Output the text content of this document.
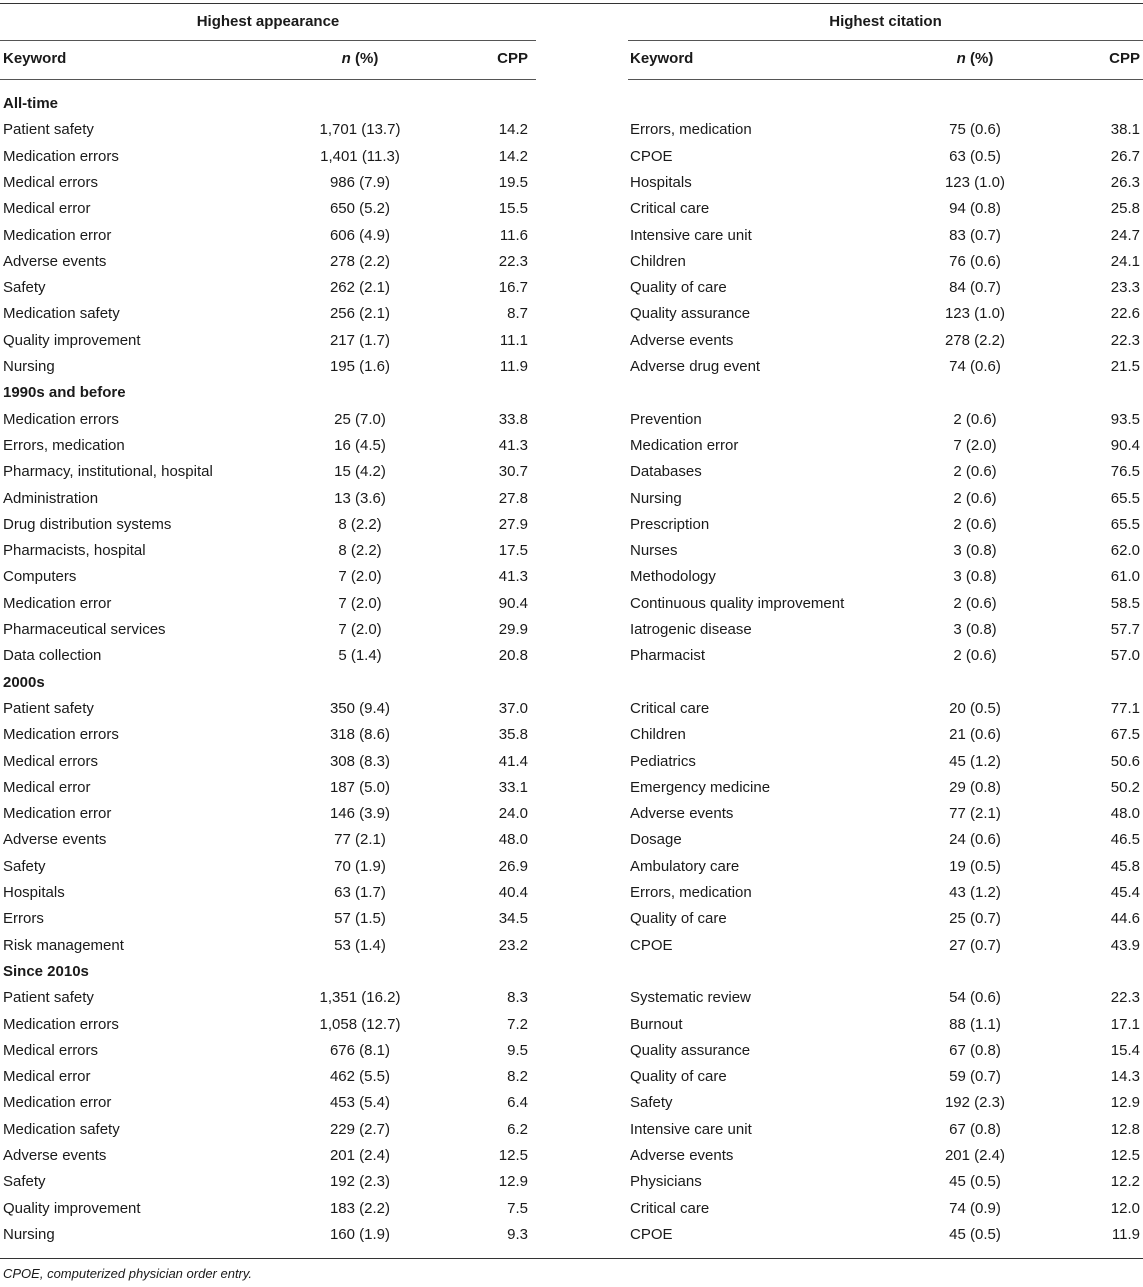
Highest appearance	Highest citation
Keyword	n (%)	CPP	Keyword	n (%)	CPP
All-time
Patient safety	1,701 (13.7)	14.2	Errors, medication	75 (0.6)	38.1
Medication errors	1,401 (11.3)	14.2	CPOE	63 (0.5)	26.7
Medical errors	986 (7.9)	19.5	Hospitals	123 (1.0)	26.3
Medical error	650 (5.2)	15.5	Critical care	94 (0.8)	25.8
Medication error	606 (4.9)	11.6	Intensive care unit	83 (0.7)	24.7
Adverse events	278 (2.2)	22.3	Children	76 (0.6)	24.1
Safety	262 (2.1)	16.7	Quality of care	84 (0.7)	23.3
Medication safety	256 (2.1)	8.7	Quality assurance	123 (1.0)	22.6
Quality improvement	217 (1.7)	11.1	Adverse events	278 (2.2)	22.3
Nursing	195 (1.6)	11.9	Adverse drug event	74 (0.6)	21.5
1990s and before
Medication errors	25 (7.0)	33.8	Prevention	2 (0.6)	93.5
Errors, medication	16 (4.5)	41.3	Medication error	7 (2.0)	90.4
Pharmacy, institutional, hospital	15 (4.2)	30.7	Databases	2 (0.6)	76.5
Administration	13 (3.6)	27.8	Nursing	2 (0.6)	65.5
Drug distribution systems	8 (2.2)	27.9	Prescription	2 (0.6)	65.5
Pharmacists, hospital	8 (2.2)	17.5	Nurses	3 (0.8)	62.0
Computers	7 (2.0)	41.3	Methodology	3 (0.8)	61.0
Medication error	7 (2.0)	90.4	Continuous quality improvement	2 (0.6)	58.5
Pharmaceutical services	7 (2.0)	29.9	Iatrogenic disease	3 (0.8)	57.7
Data collection	5 (1.4)	20.8	Pharmacist	2 (0.6)	57.0
2000s
Patient safety	350 (9.4)	37.0	Critical care	20 (0.5)	77.1
Medication errors	318 (8.6)	35.8	Children	21 (0.6)	67.5
Medical errors	308 (8.3)	41.4	Pediatrics	45 (1.2)	50.6
Medical error	187 (5.0)	33.1	Emergency medicine	29 (0.8)	50.2
Medication error	146 (3.9)	24.0	Adverse events	77 (2.1)	48.0
Adverse events	77 (2.1)	48.0	Dosage	24 (0.6)	46.5
Safety	70 (1.9)	26.9	Ambulatory care	19 (0.5)	45.8
Hospitals	63 (1.7)	40.4	Errors, medication	43 (1.2)	45.4
Errors	57 (1.5)	34.5	Quality of care	25 (0.7)	44.6
Risk management	53 (1.4)	23.2	CPOE	27 (0.7)	43.9
Since 2010s
Patient safety	1,351 (16.2)	8.3	Systematic review	54 (0.6)	22.3
Medication errors	1,058 (12.7)	7.2	Burnout	88 (1.1)	17.1
Medical errors	676 (8.1)	9.5	Quality assurance	67 (0.8)	15.4
Medical error	462 (5.5)	8.2	Quality of care	59 (0.7)	14.3
Medication error	453 (5.4)	6.4	Safety	192 (2.3)	12.9
Medication safety	229 (2.7)	6.2	Intensive care unit	67 (0.8)	12.8
Adverse events	201 (2.4)	12.5	Adverse events	201 (2.4)	12.5
Safety	192 (2.3)	12.9	Physicians	45 (0.5)	12.2
Quality improvement	183 (2.2)	7.5	Critical care	74 (0.9)	12.0
Nursing	160 (1.9)	9.3	CPOE	45 (0.5)	11.9
CPOE, computerized physician order entry.
